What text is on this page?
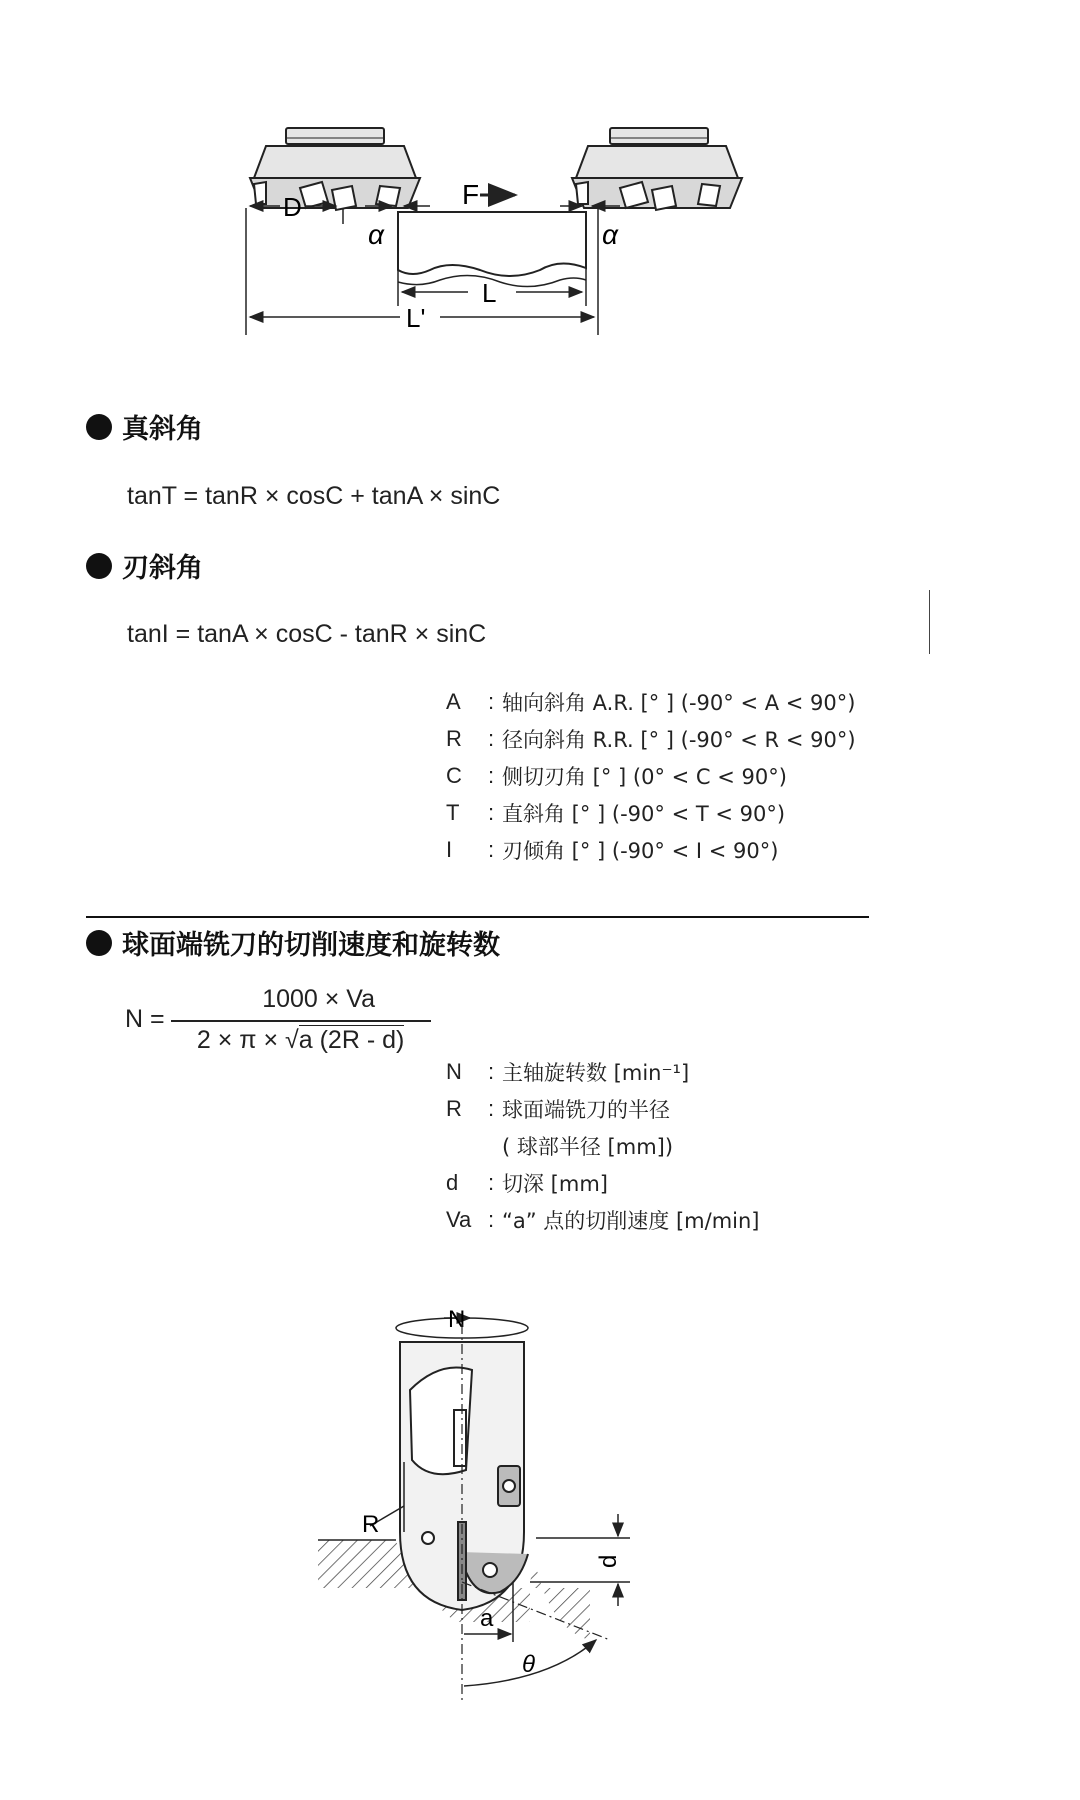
F
D
α	α
L
L'
真斜角
tanT = tanR × cosC + tanA × sinC
刃斜角
tanI = tanA × cosC - tanR × sinC
A	: 轴向斜角 A.R. [° ] (-90° < A < 90°)
R	: 径向斜角 R.R. [° ] (-90° < R < 90°)
C	: 侧切刃角 [° ] (0° < C < 90°)
T	: 直斜角 [° ] (-90° < T < 90°)
I	: 刃倾角 [° ] (-90° < I < 90°)
球面端铣刀的切削速度和旋转数
$N = \frac{1000 \times Va}{2 \times \pi \times √a (2R - d)}$
N	: 主轴旋转数 [min⁻¹]
R	: 球面端铣刀的半径
( 球部半径 [mm])
d	: 切深 [mm]
Va : “a” 点的切削速度 [m/min]
N
R
d
a
θ
